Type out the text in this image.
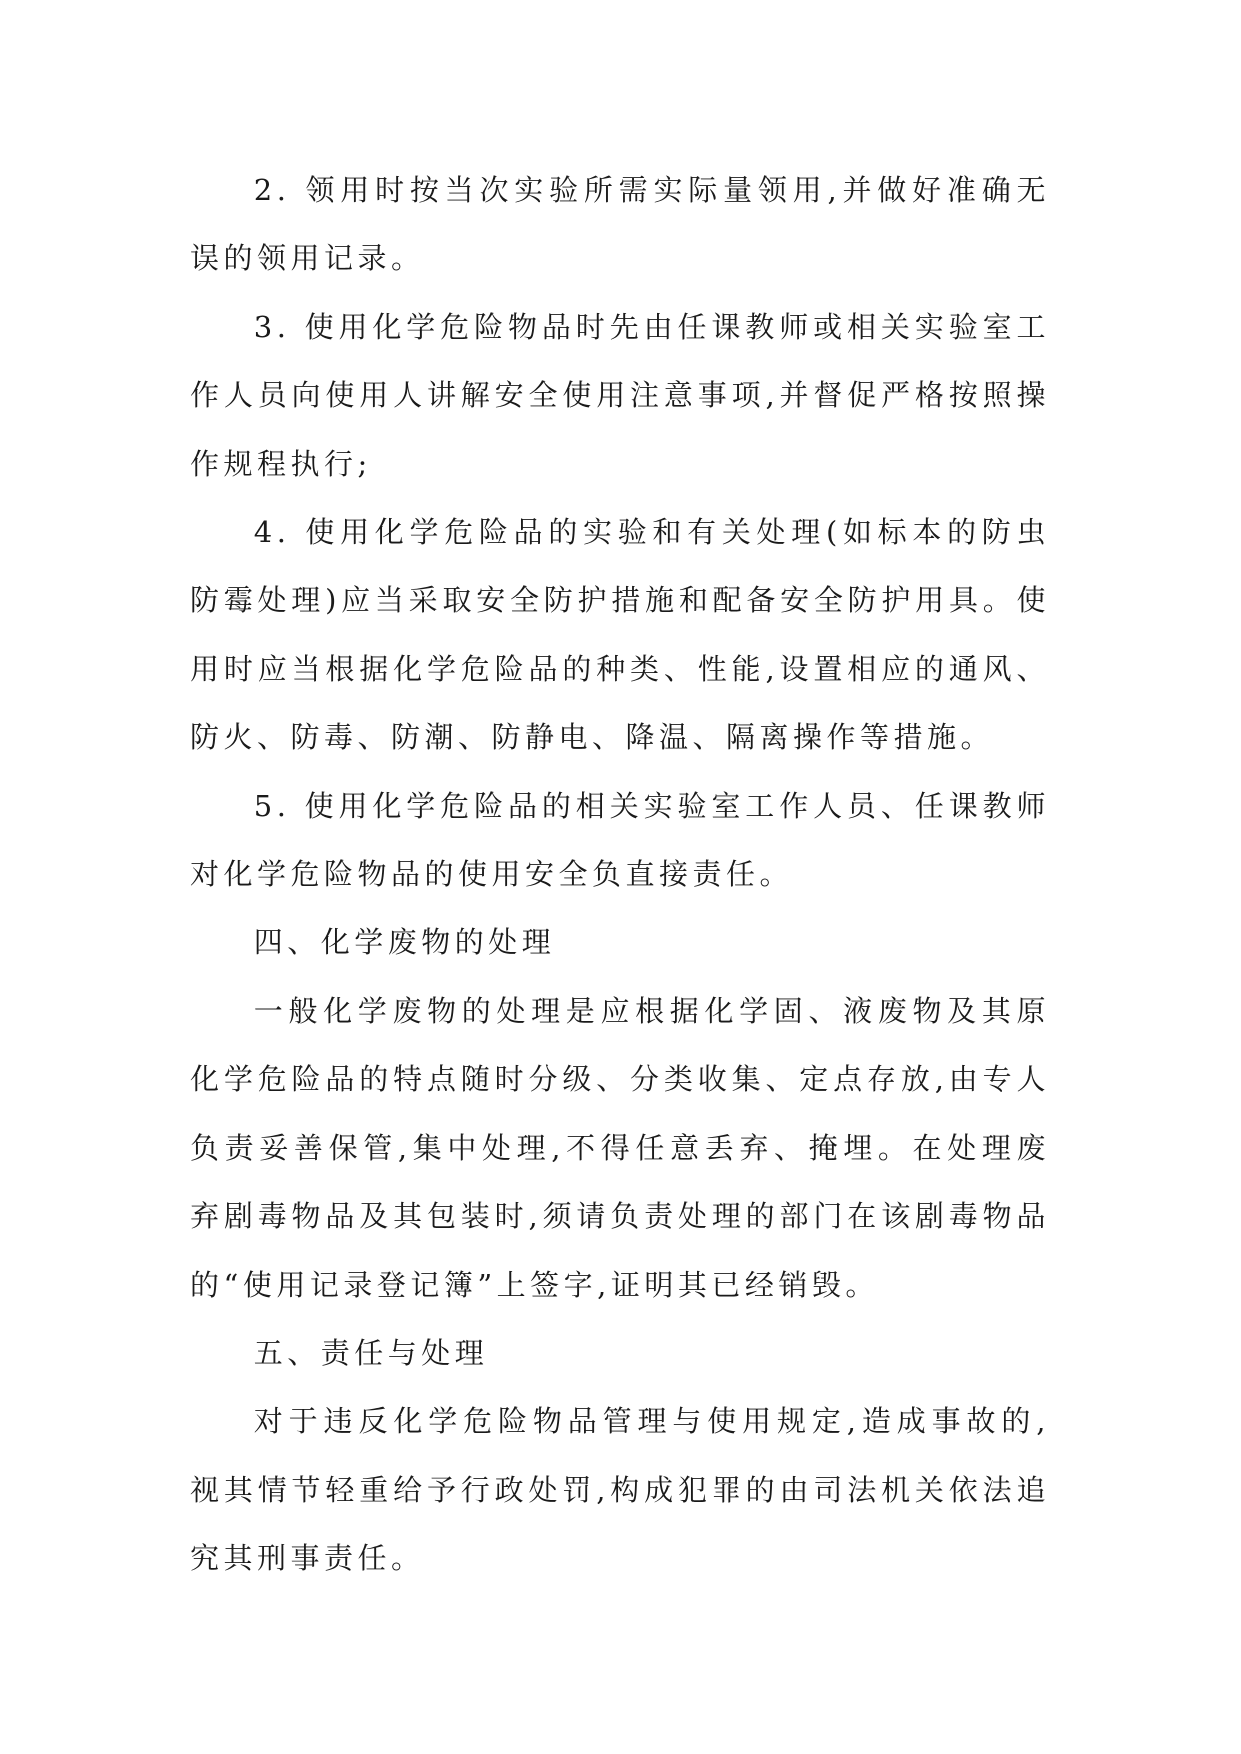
2. 领用时按当次实验所需实际量领用,并做好准确无误的领用记录。

3. 使用化学危险物品时先由任课教师或相关实验室工作人员向使用人讲解安全使用注意事项,并督促严格按照操作规程执行;

4. 使用化学危险品的实验和有关处理(如标本的防虫防霉处理)应当采取安全防护措施和配备安全防护用具。使用时应当根据化学危险品的种类、性能,设置相应的通风、防火、防毒、防潮、防静电、降温、隔离操作等措施。

5. 使用化学危险品的相关实验室工作人员、任课教师对化学危险物品的使用安全负直接责任。

四、化学废物的处理

一般化学废物的处理是应根据化学固、液废物及其原化学危险品的特点随时分级、分类收集、定点存放,由专人负责妥善保管,集中处理,不得任意丢弃、掩埋。在处理废弃剧毒物品及其包装时,须请负责处理的部门在该剧毒物品的“使用记录登记簿”上签字,证明其已经销毁。

五、责任与处理

对于违反化学危险物品管理与使用规定,造成事故的,视其情节轻重给予行政处罚,构成犯罪的由司法机关依法追究其刑事责任。
